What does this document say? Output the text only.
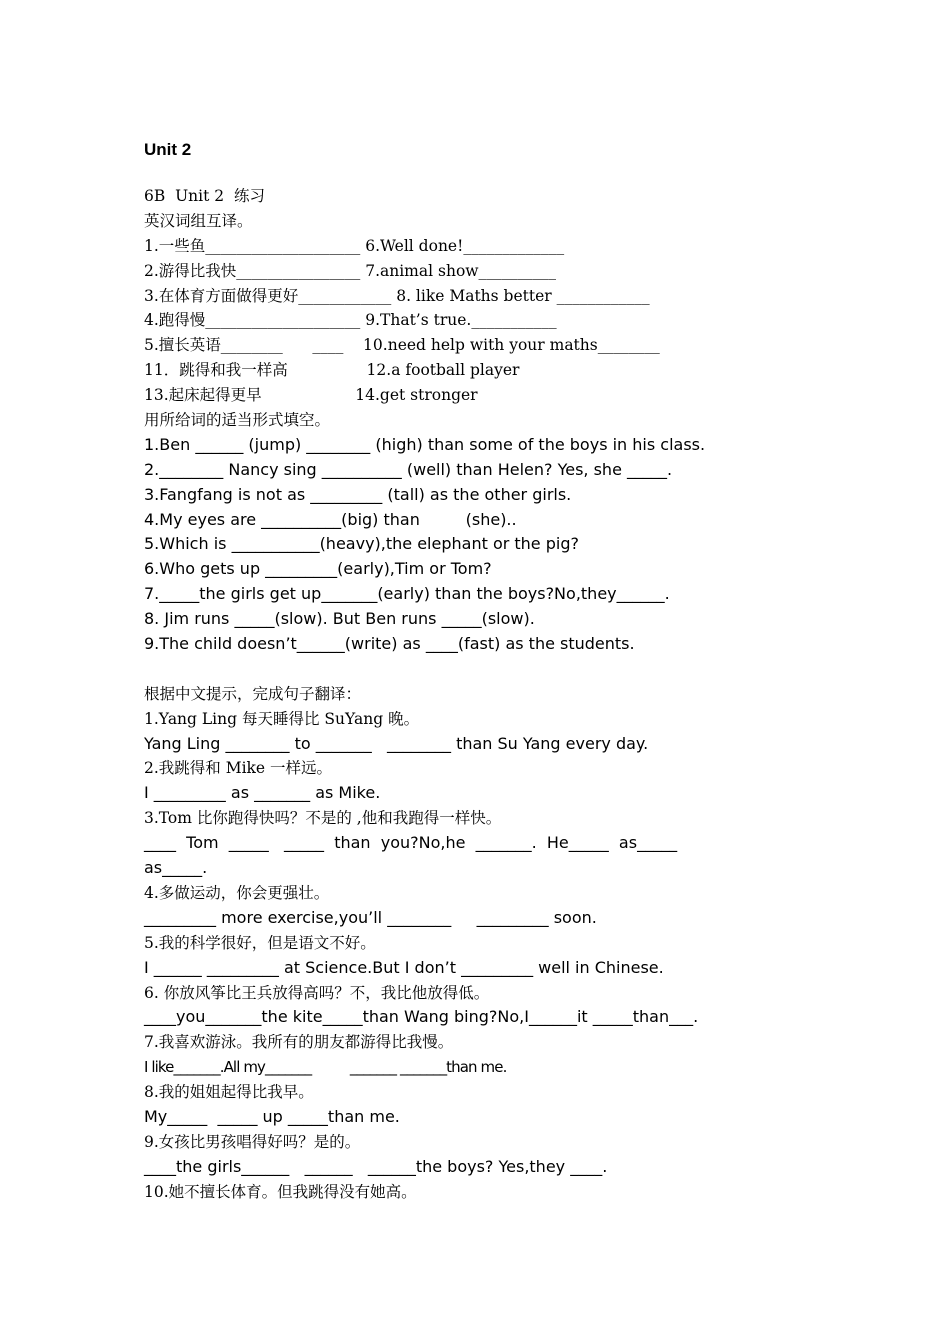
Unit 2
6B  Unit 2  练习
英汉词组互译。
1.一些鱼____________________ 6.Well done!_____________
2.游得比我快________________ 7.animal show__________
3.在体育方面做得更好____________ 8. like Maths better ____________
4.跑得慢____________________ 9.That’s true.___________
5.擅长英语________      ____    10.need help with your maths________
11．跳得和我一样高                12.a football player
13.起床起得更早                   14.get stronger
用所给词的适当形式填空。
1.Ben ______ (jump) ________ (high) than some of the boys in his class.
2.________ Nancy sing __________ (well) than Helen? Yes, she _____.
3.Fangfang is not as _________ (tall) as the other girls.
4.My eyes are __________(big) than         (she)..
5.Which is ___________(heavy),the elephant or the pig?
6.Who gets up _________(early),Tim or Tom?
7._____the girls get up_______(early) than the boys?No,they______.
8. Jim runs _____(slow). But Ben runs _____(slow).
9.The child doesn’t______(write) as ____(fast) as the students.
根据中文提示，完成句子翻译：
1.Yang Ling 每天睡得比 SuYang 晚。
Yang Ling ________ to _______   ________ than Su Yang every day.
2.我跳得和 Mike 一样远。
I _________ as _______ as Mike.
3.Tom 比你跑得快吗？不是的 ,他和我跑得一样快。
____  Tom  _____   _____  than  you?No,he  _______.  He_____  as_____
as_____.
4.多做运动，你会更强壮。
_________ more exercise,you’ll ________     _________ soon.
5.我的科学很好，但是语文不好。
I ______ _________ at Science.But I don’t _________ well in Chinese.
6. 你放风筝比王兵放得高吗？不，我比他放得低。
____you_______the kite_____than Wang bing?No,I______it _____than___.
7.我喜欢游泳。我所有的朋友都游得比我慢。
I like_______.All my_______          _______ _______than me.
8.我的姐姐起得比我早。
My_____  _____ up _____than me.
9.女孩比男孩唱得好吗？是的。
____the girls______   ______   ______the boys? Yes,they ____.
10.她不擅长体育。但我跳得没有她高。
